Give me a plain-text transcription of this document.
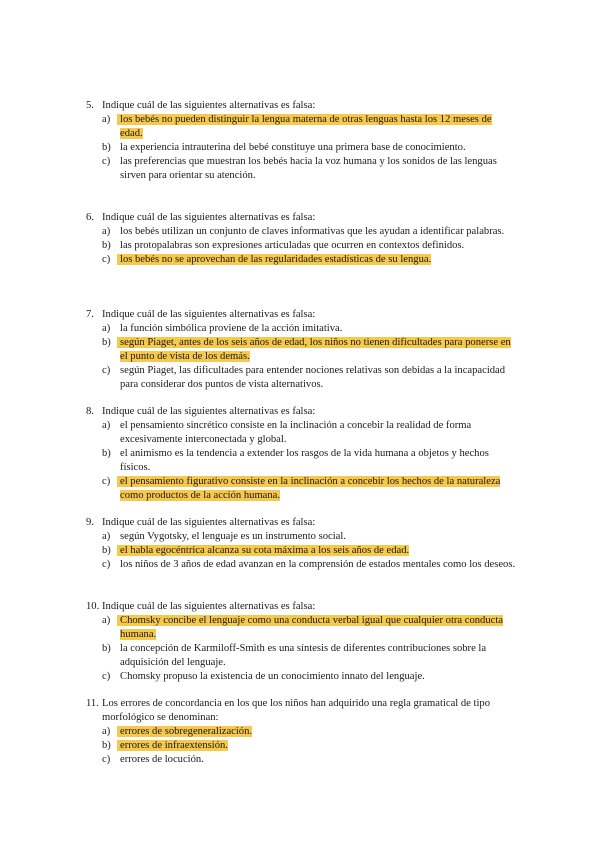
5. Indique cuál de las siguientes alternativas es falsa:
a) los bebés no pueden distinguir la lengua materna de otras lenguas hasta los 12 meses de edad.
b) la experiencia intrauterina del bebé constituye una primera base de conocimiento.
c) las preferencias que muestran los bebés hacia la voz humana y los sonidos de las lenguas sirven para orientar su atención.
6. Indique cuál de las siguientes alternativas es falsa:
a) los bebés utilizan un conjunto de claves informativas que les ayudan a identificar palabras.
b) las protopalabras son expresiones articuladas que ocurren en contextos definidos.
c) los bebés no se aprovechan de las regularidades estadísticas de su lengua.
7. Indique cuál de las siguientes alternativas es falsa:
a) la función simbólica proviene de la acción imitativa.
b) según Piaget, antes de los seis años de edad, los niños no tienen dificultades para ponerse en el punto de vista de los demás.
c) según Piaget, las dificultades para entender nociones relativas son debidas a la incapacidad para considerar dos puntos de vista alternativos.
8. Indique cuál de las siguientes alternativas es falsa:
a) el pensamiento sincrético consiste en la inclinación a concebir la realidad de forma excesivamente interconectada y global.
b) el animismo es la tendencia a extender los rasgos de la vida humana a objetos y hechos físicos.
c) el pensamiento figurativo consiste en la inclinación a concebir los hechos de la naturaleza como productos de la acción humana.
9. Indique cuál de las siguientes alternativas es falsa:
a) según Vygotsky, el lenguaje es un instrumento social.
b) el habla egocéntrica alcanza su cota máxima a los seis años de edad.
c) los niños de 3 años de edad avanzan en la comprensión de estados mentales como los deseos.
10. Indique cuál de las siguientes alternativas es falsa:
a) Chomsky concibe el lenguaje como una conducta verbal igual que cualquier otra conducta humana.
b) la concepción de Karmiloff-Smith es una síntesis de diferentes contribuciones sobre la adquisición del lenguaje.
c) Chomsky propuso la existencia de un conocimiento innato del lenguaje.
11. Los errores de concordancia en los que los niños han adquirido una regla gramatical de tipo morfológico se denominan:
a) errores de sobregeneralización.
b) errores de infraextensión.
c) errores de locución.
